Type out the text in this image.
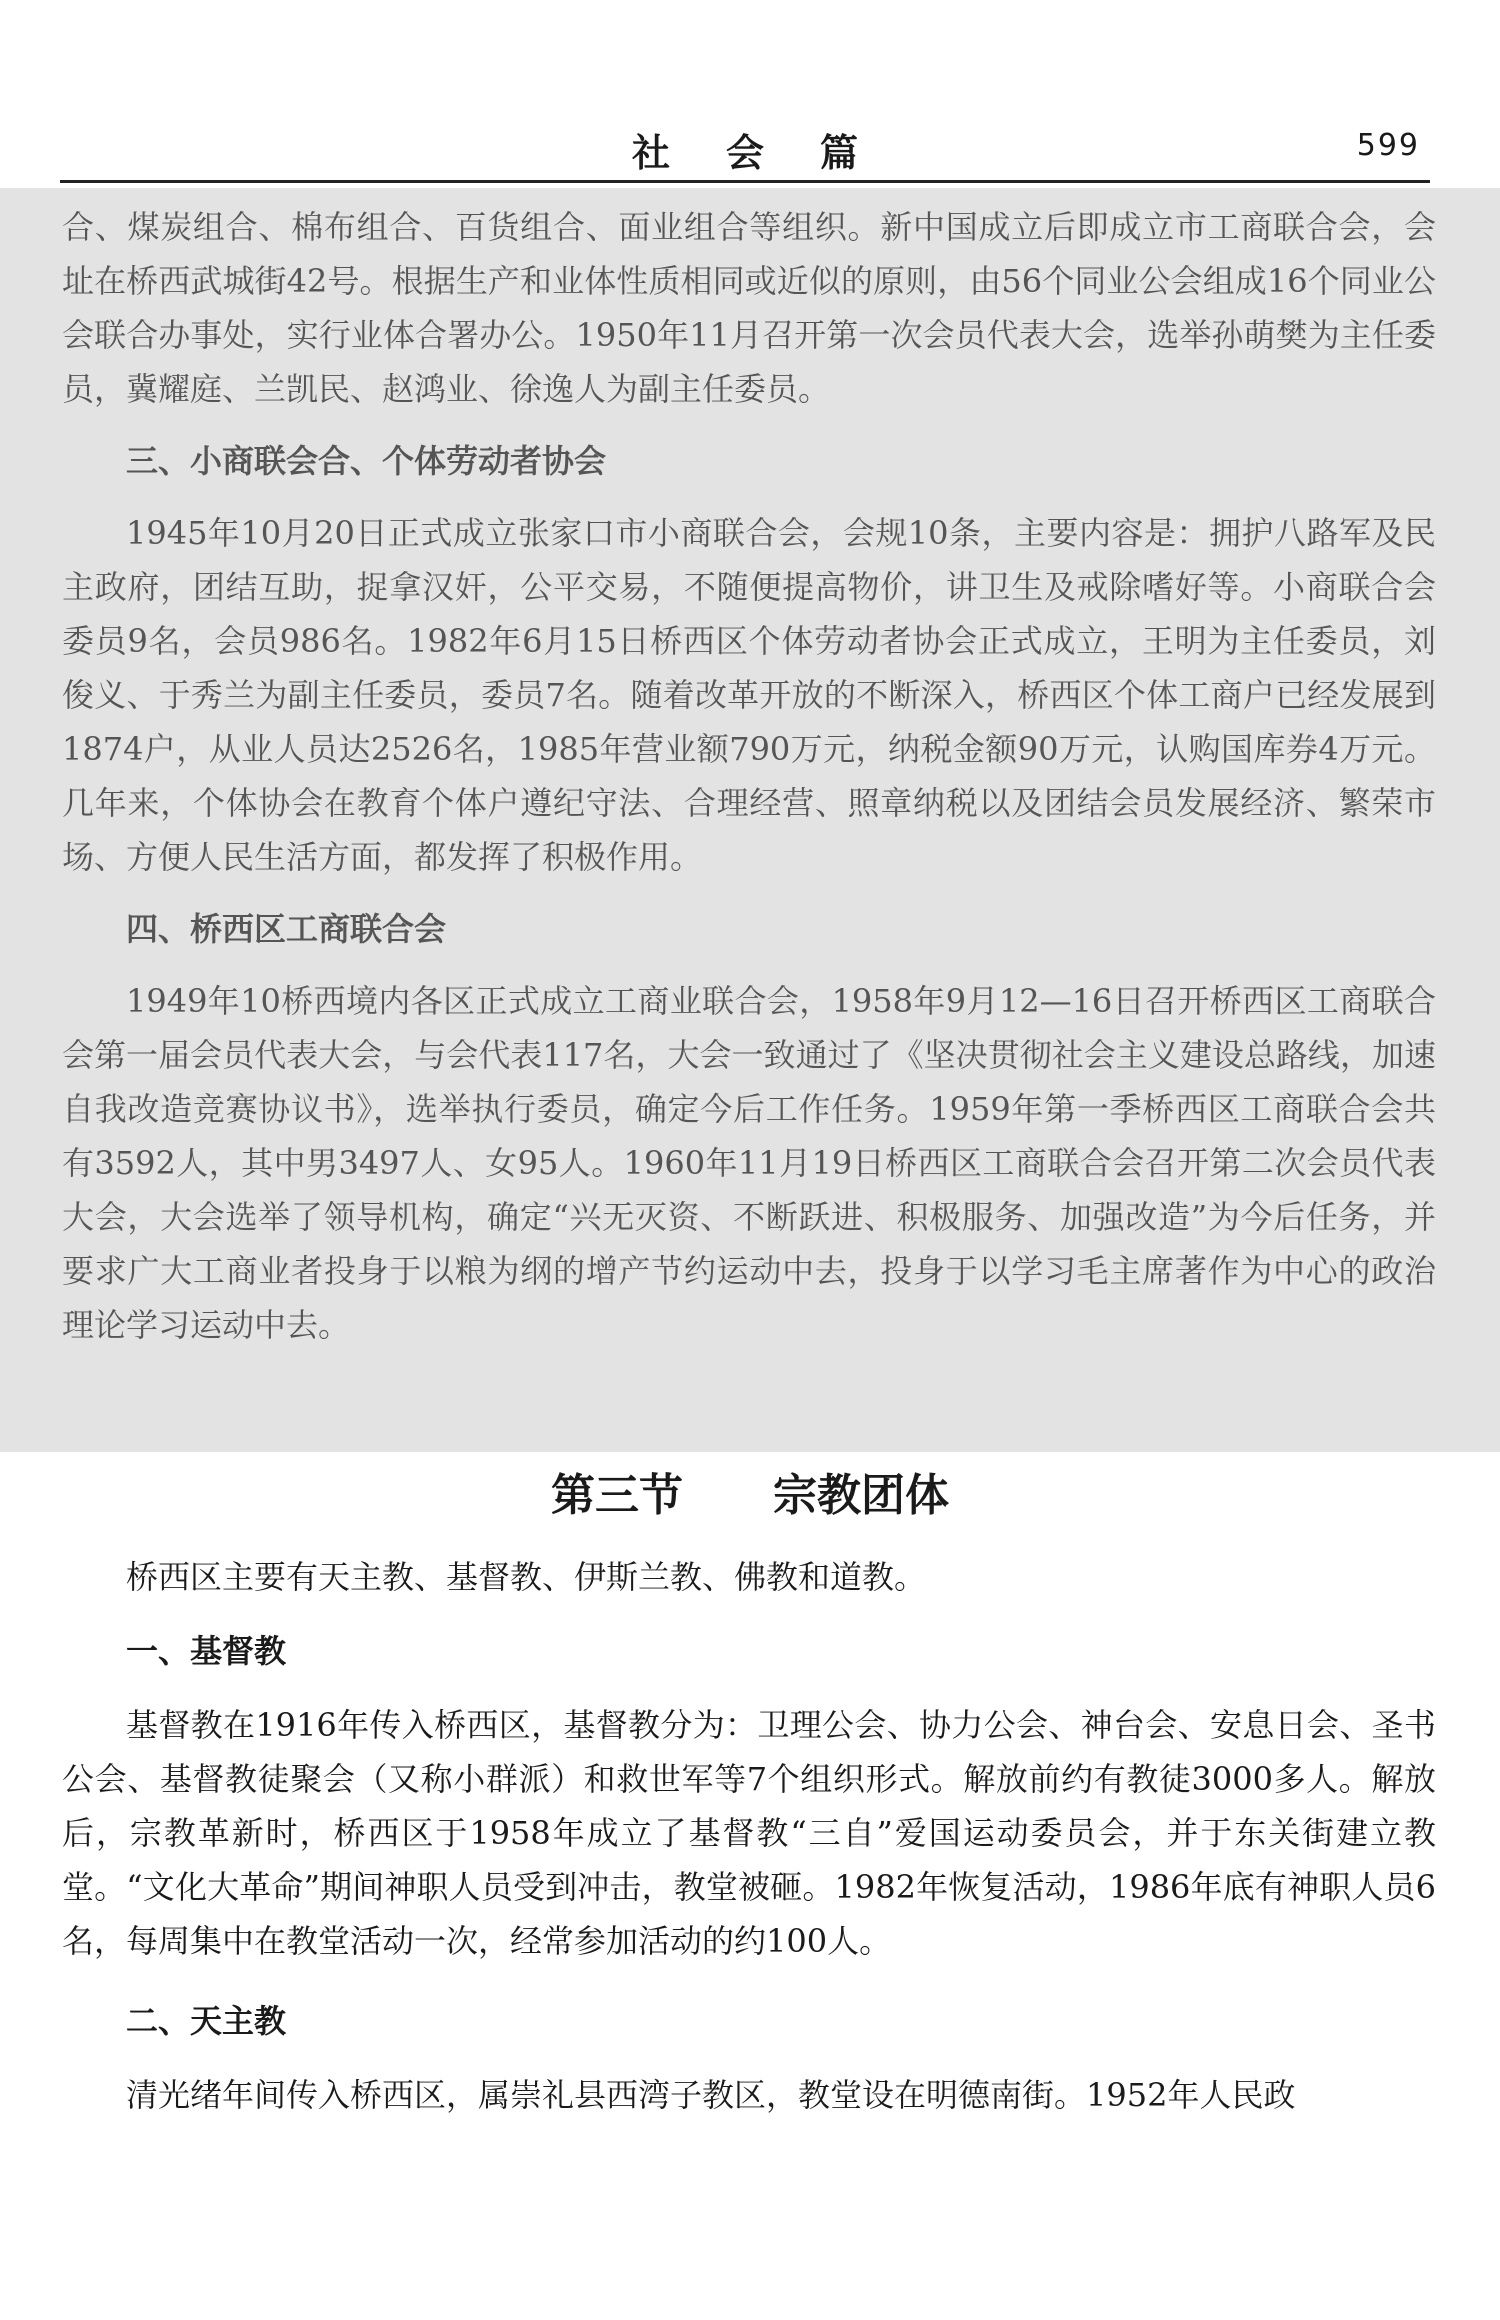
社会篇	599

合、煤炭组合、棉布组合、百货组合、面业组合等组织。新中国成立后即成立市工商联合会，会址在桥西武城街42号。根据生产和业体性质相同或近似的原则，由56个同业公会组成16个同业公会联合办事处，实行业体合署办公。1950年11月召开第一次会员代表大会，选举孙萌樊为主任委员，冀耀庭、兰凯民、赵鸿业、徐逸人为副主任委员。

三、小商联会合、个体劳动者协会

1945年10月20日正式成立张家口市小商联合会，会规10条，主要内容是：拥护八路军及民主政府，团结互助，捉拿汉奸，公平交易，不随便提高物价，讲卫生及戒除嗜好等。小商联合会委员9名，会员986名。1982年6月15日桥西区个体劳动者协会正式成立，王明为主任委员，刘俊义、于秀兰为副主任委员，委员7名。随着改革开放的不断深入，桥西区个体工商户已经发展到1874户，从业人员达2526名，1985年营业额790万元，纳税金额90万元，认购国库券4万元。几年来，个体协会在教育个体户遵纪守法、合理经营、照章纳税以及团结会员发展经济、繁荣市场、方便人民生活方面，都发挥了积极作用。

四、桥西区工商联合会

1949年10桥西境内各区正式成立工商业联合会，1958年9月12—16日召开桥西区工商联合会第一届会员代表大会，与会代表117名，大会一致通过了《坚决贯彻社会主义建设总路线，加速自我改造竞赛协议书》，选举执行委员，确定今后工作任务。1959年第一季桥西区工商联合会共有3592人，其中男3497人、女95人。1960年11月19日桥西区工商联合会召开第二次会员代表大会，大会选举了领导机构，确定“兴无灭资、不断跃进、积极服务、加强改造”为今后任务，并要求广大工商业者投身于以粮为纲的增产节约运动中去，投身于以学习毛主席著作为中心的政治理论学习运动中去。

第三节 宗教团体

桥西区主要有天主教、基督教、伊斯兰教、佛教和道教。

一、基督教

基督教在1916年传入桥西区，基督教分为：卫理公会、协力公会、神台会、安息日会、圣书公会、基督教徒聚会（又称小群派）和救世军等7个组织形式。解放前约有教徒3000多人。解放后，宗教革新时，桥西区于1958年成立了基督教“三自”爱国运动委员会，并于东关街建立教堂。“文化大革命”期间神职人员受到冲击，教堂被砸。1982年恢复活动，1986年底有神职人员6名，每周集中在教堂活动一次，经常参加活动的约100人。

二、天主教

清光绪年间传入桥西区，属崇礼县西湾子教区，教堂设在明德南街。1952年人民政
